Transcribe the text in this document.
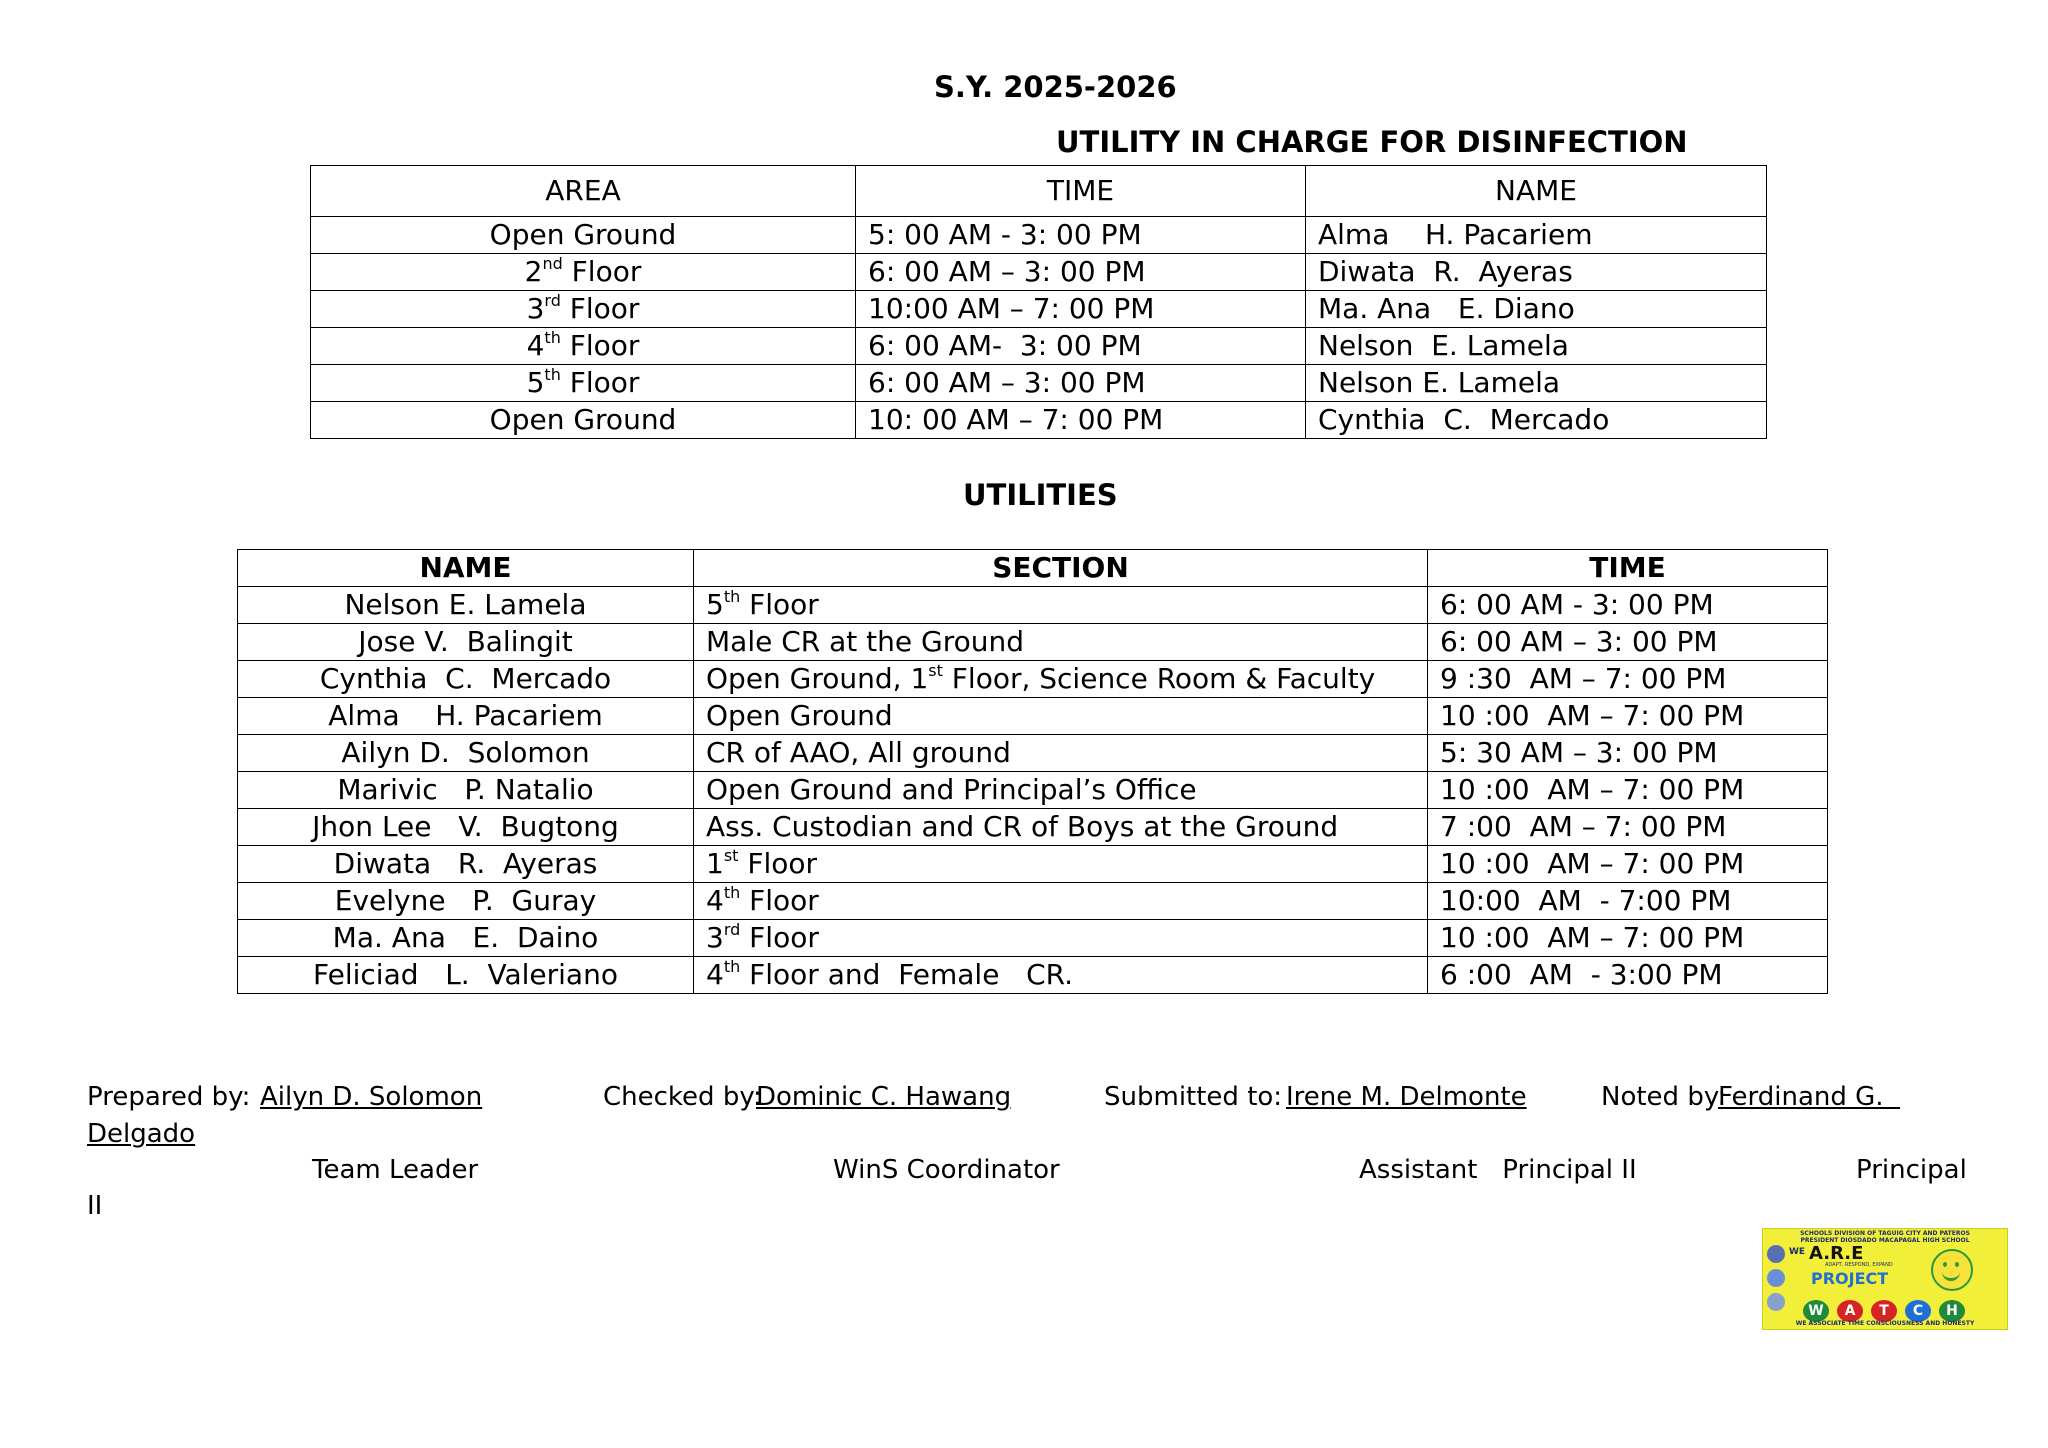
S.Y. 2025-2026
UTILITY IN CHARGE FOR DISINFECTION
AREA	TIME	NAME
Open Ground	5: 00 AM - 3: 00 PM	Alma    H. Pacariem
2nd Floor	6: 00 AM – 3: 00 PM	Diwata  R.  Ayeras
3rd Floor	10:00 AM – 7: 00 PM	Ma. Ana   E. Diano
4th Floor	6: 00 AM-  3: 00 PM	Nelson  E. Lamela
5th Floor	6: 00 AM – 3: 00 PM	Nelson E. Lamela
Open Ground	10: 00 AM – 7: 00 PM	Cynthia  C.  Mercado
UTILITIES
NAME	SECTION	TIME
Nelson E. Lamela	5th Floor	6: 00 AM - 3: 00 PM
Jose V.  Balingit	Male CR at the Ground	6: 00 AM – 3: 00 PM
Cynthia  C.  Mercado	Open Ground, 1st Floor, Science Room & Faculty	9 :30  AM – 7: 00 PM
Alma    H. Pacariem	Open Ground	10 :00  AM – 7: 00 PM
Ailyn D.  Solomon	CR of AAO, All ground	5: 30 AM – 3: 00 PM
Marivic   P. Natalio	Open Ground and Principal’s Office	10 :00  AM – 7: 00 PM
Jhon Lee   V.  Bugtong	Ass. Custodian and CR of Boys at the Ground	7 :00  AM – 7: 00 PM
Diwata   R.  Ayeras	1st Floor	10 :00  AM – 7: 00 PM
Evelyne   P.  Guray	4th Floor	10:00  AM  - 7:00 PM
Ma. Ana   E.  Daino	3rd Floor	10 :00  AM – 7: 00 PM
Feliciad   L.  Valeriano	4th Floor and  Female   CR.	6 :00  AM  - 3:00 PM
Prepared by: Ailyn D. Solomon	Checked by:
Dominic C. Hawang	Submitted to: Irene M. Delmonte	Noted by:
Ferdinand G.
Delgado
Team Leader	WinS Coordinator	Assistant   Principal II	Principal
II
SCHOOLS DIVISION OF TAGUIG CITY AND PATEROS
PRESIDENT DIOSDADO MACAPAGAL HIGH SCHOOL
WE A.R.E
ADAPT, RESPOND, EXPAND
PROJECT
W A T C H
WE ASSOCIATE TIME CONSCIOUSNESS AND HONESTY
